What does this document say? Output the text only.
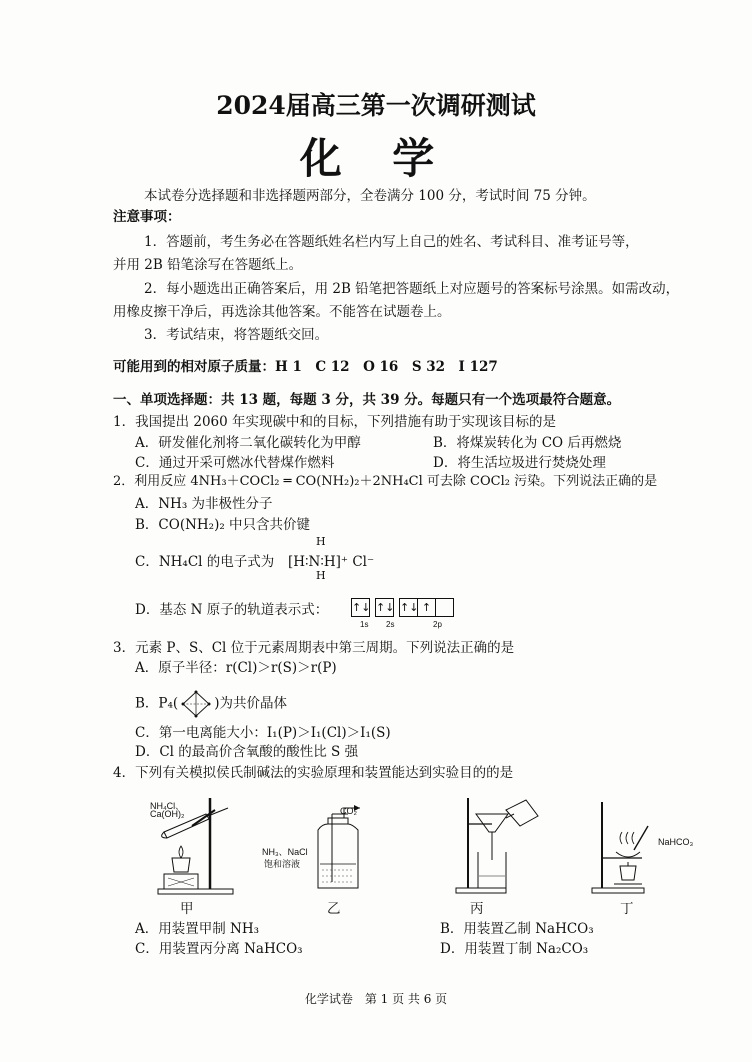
2024届高三第一次调研测试
化 学
本试卷分选择题和非选择题两部分，全卷满分 100 分，考试时间 75 分钟。
注意事项：
1．答题前，考生务必在答题纸姓名栏内写上自己的姓名、考试科目、准考证号等，
并用 2B 铅笔涂写在答题纸上。
2．每小题选出正确答案后，用 2B 铅笔把答题纸上对应题号的答案标号涂黑。如需改动，
用橡皮擦干净后，再选涂其他答案。不能答在试题卷上。
3．考试结束，将答题纸交回。
可能用到的相对原子质量：H 1　C 12　O 16　S 32　I 127
一、单项选择题：共 13 题，每题 3 分，共 39 分。每题只有一个选项最符合题意。
1．我国提出 2060 年实现碳中和的目标，下列措施有助于实现该目标的是
A．研发催化剂将二氧化碳转化为甲醇	B．将煤炭转化为 CO 后再燃烧
C．通过开采可燃冰代替煤作燃料	D．将生活垃圾进行焚烧处理
2．利用反应 4NH₃＋COCl₂ ═ CO(NH₂)₂＋2NH₄Cl 可去除 COCl₂ 污染。下列说法正确的是
A．NH₃ 为非极性分子
B．CO(NH₂)₂ 中只含共价键
C．NH₄Cl 的电子式为
H
[H∶N∶H]⁺ Cl⁻
H
D．基态 N 原子的轨道表示式： ↑↓ ↑↓ ↑↓ ↑
1s 2s	2p
3．元素 P、S、Cl 位于元素周期表中第三周期。下列说法正确的是
A．原子半径：r(Cl)＞r(S)＞r(P)
B．P₄(	)为共价晶体
C．第一电离能大小：I₁(P)＞I₁(Cl)＞I₁(S)
D．Cl 的最高价含氧酸的酸性比 S 强
4．下列有关模拟侯氏制碱法的实验原理和装置能达到实验目的的是
NH₄Cl、
Ca(OH)₂	CO₂
NH₃、NaCl
饱和溶液
NaHCO₃
甲	乙	丙	丁
A．用装置甲制 NH₃	B．用装置乙制 NaHCO₃
C．用装置丙分离 NaHCO₃	D．用装置丁制 Na₂CO₃
化学试卷　第 1 页 共 6 页
